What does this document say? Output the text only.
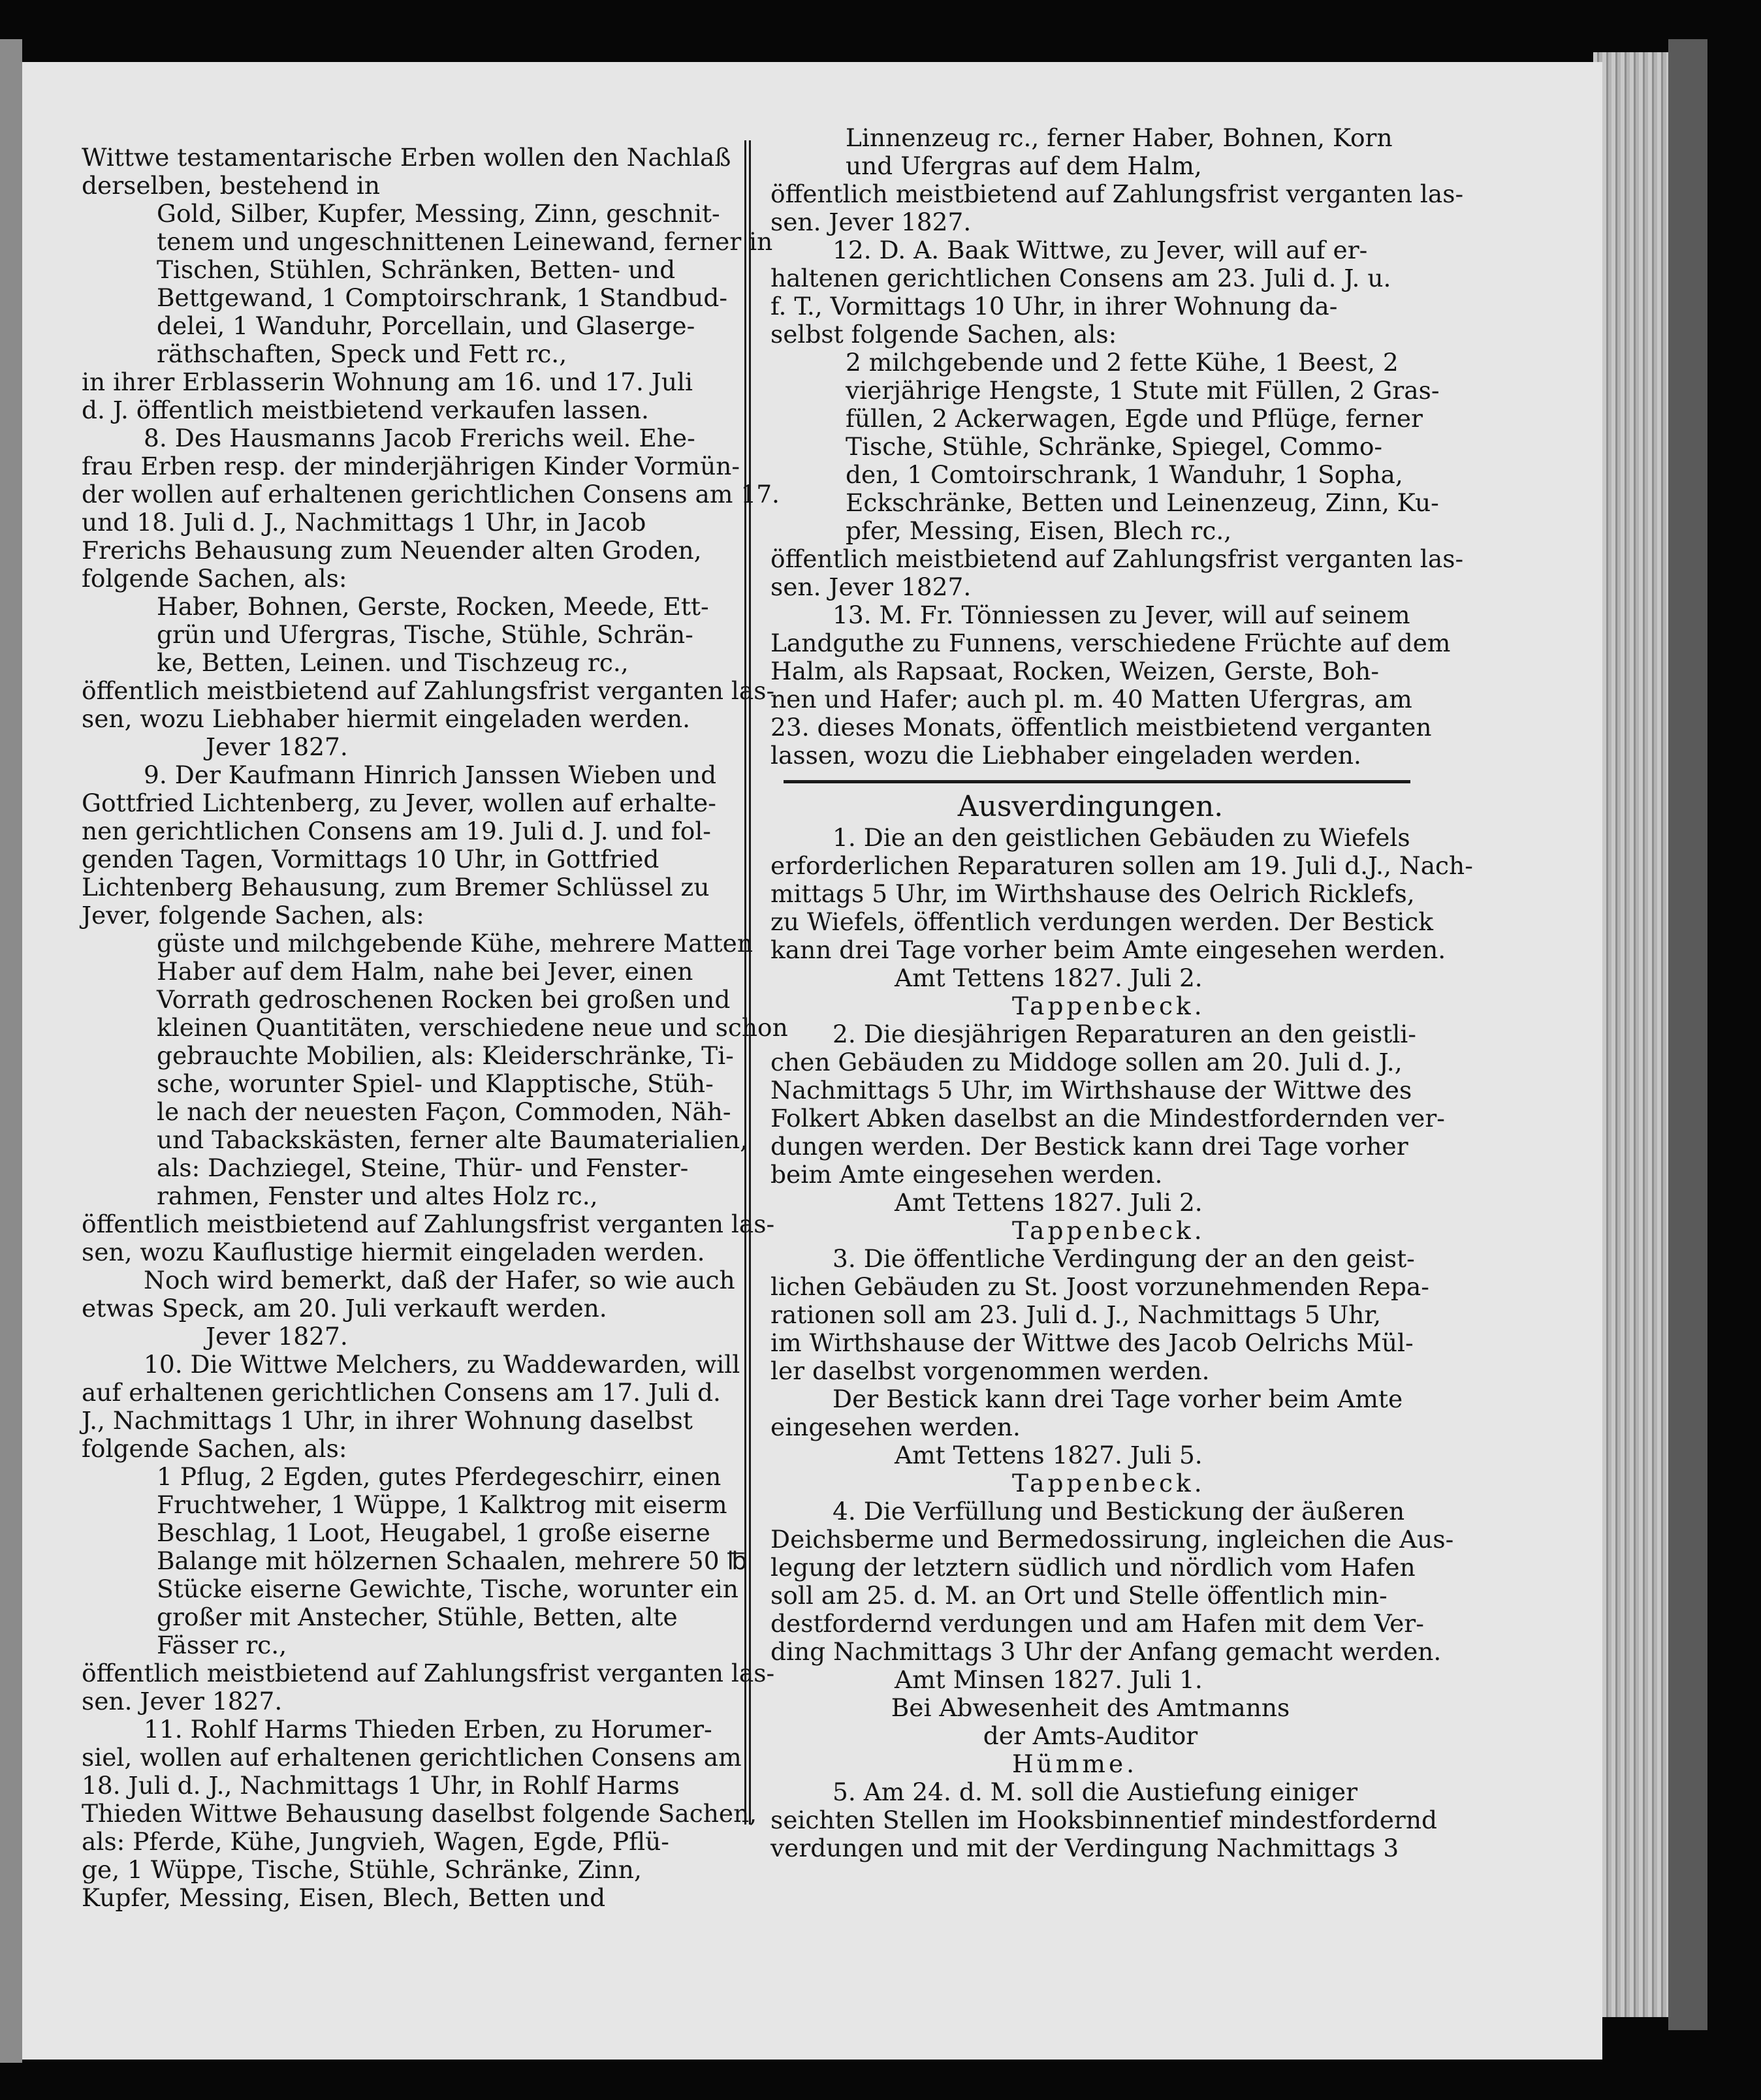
Wittwe testamentarische Erben wollen den Nachlaß
derselben, bestehend in
Gold, Silber, Kupfer, Messing, Zinn, geschnit-
tenem und ungeschnittenen Leinewand, ferner in
Tischen, Stühlen, Schränken, Betten- und
Bettgewand, 1 Comptoirschrank, 1 Standbud-
delei, 1 Wanduhr, Porcellain, und Glaserge-
räthschaften, Speck und Fett rc.,
in ihrer Erblasserin Wohnung am 16. und 17. Juli
d. J. öffentlich meistbietend verkaufen lassen.
8. Des Hausmanns Jacob Frerichs weil. Ehe-
frau Erben resp. der minderjährigen Kinder Vormün-
der wollen auf erhaltenen gerichtlichen Consens am 17.
und 18. Juli d. J., Nachmittags 1 Uhr, in Jacob
Frerichs Behausung zum Neuender alten Groden,
folgende Sachen, als:
Haber, Bohnen, Gerste, Rocken, Meede, Ett-
grün und Ufergras, Tische, Stühle, Schrän-
ke, Betten, Leinen. und Tischzeug rc.,
öffentlich meistbietend auf Zahlungsfrist verganten las-
sen, wozu Liebhaber hiermit eingeladen werden.
Jever 1827.
9. Der Kaufmann Hinrich Janssen Wieben und
Gottfried Lichtenberg, zu Jever, wollen auf erhalte-
nen gerichtlichen Consens am 19. Juli d. J. und fol-
genden Tagen, Vormittags 10 Uhr, in Gottfried
Lichtenberg Behausung, zum Bremer Schlüssel zu
Jever, folgende Sachen, als:
güste und milchgebende Kühe, mehrere Matten
Haber auf dem Halm, nahe bei Jever, einen
Vorrath gedroschenen Rocken bei großen und
kleinen Quantitäten, verschiedene neue und schon
gebrauchte Mobilien, als: Kleiderschränke, Ti-
sche, worunter Spiel- und Klapptische, Stüh-
le nach der neuesten Façon, Commoden, Näh-
und Tabackskästen, ferner alte Baumaterialien,
als: Dachziegel, Steine, Thür- und Fenster-
rahmen, Fenster und altes Holz rc.,
öffentlich meistbietend auf Zahlungsfrist verganten las-
sen, wozu Kauflustige hiermit eingeladen werden.
Noch wird bemerkt, daß der Hafer, so wie auch
etwas Speck, am 20. Juli verkauft werden.
Jever 1827.
10. Die Wittwe Melchers, zu Waddewarden, will
auf erhaltenen gerichtlichen Consens am 17. Juli d.
J., Nachmittags 1 Uhr, in ihrer Wohnung daselbst
folgende Sachen, als:
1 Pflug, 2 Egden, gutes Pferdegeschirr, einen
Fruchtweher, 1 Wüppe, 1 Kalktrog mit eiserm
Beschlag, 1 Loot, Heugabel, 1 große eiserne
Balange mit hölzernen Schaalen, mehrere 50 ℔
Stücke eiserne Gewichte, Tische, worunter ein
großer mit Anstecher, Stühle, Betten, alte
Fässer rc.,
öffentlich meistbietend auf Zahlungsfrist verganten las-
sen. Jever 1827.
11. Rohlf Harms Thieden Erben, zu Horumer-
siel, wollen auf erhaltenen gerichtlichen Consens am
18. Juli d. J., Nachmittags 1 Uhr, in Rohlf Harms
Thieden Wittwe Behausung daselbst folgende Sachen,
als: Pferde, Kühe, Jungvieh, Wagen, Egde, Pflü-
ge, 1 Wüppe, Tische, Stühle, Schränke, Zinn,
Kupfer, Messing, Eisen, Blech, Betten und
Linnenzeug rc., ferner Haber, Bohnen, Korn
und Ufergras auf dem Halm,
öffentlich meistbietend auf Zahlungsfrist verganten las-
sen. Jever 1827.
12. D. A. Baak Wittwe, zu Jever, will auf er-
haltenen gerichtlichen Consens am 23. Juli d. J. u.
f. T., Vormittags 10 Uhr, in ihrer Wohnung da-
selbst folgende Sachen, als:
2 milchgebende und 2 fette Kühe, 1 Beest, 2
vierjährige Hengste, 1 Stute mit Füllen, 2 Gras-
füllen, 2 Ackerwagen, Egde und Pflüge, ferner
Tische, Stühle, Schränke, Spiegel, Commo-
den, 1 Comtoirschrank, 1 Wanduhr, 1 Sopha,
Eckschränke, Betten und Leinenzeug, Zinn, Ku-
pfer, Messing, Eisen, Blech rc.,
öffentlich meistbietend auf Zahlungsfrist verganten las-
sen. Jever 1827.
13. M. Fr. Tönniessen zu Jever, will auf seinem
Landguthe zu Funnens, verschiedene Früchte auf dem
Halm, als Rapsaat, Rocken, Weizen, Gerste, Boh-
nen und Hafer; auch pl. m. 40 Matten Ufergras, am
23. dieses Monats, öffentlich meistbietend verganten
lassen, wozu die Liebhaber eingeladen werden.
Ausverdingungen.
1. Die an den geistlichen Gebäuden zu Wiefels
erforderlichen Reparaturen sollen am 19. Juli d.J., Nach-
mittags 5 Uhr, im Wirthshause des Oelrich Ricklefs,
zu Wiefels, öffentlich verdungen werden. Der Bestick
kann drei Tage vorher beim Amte eingesehen werden.
Amt Tettens 1827. Juli 2.
Tappenbeck.
2. Die diesjährigen Reparaturen an den geistli-
chen Gebäuden zu Middoge sollen am 20. Juli d. J.,
Nachmittags 5 Uhr, im Wirthshause der Wittwe des
Folkert Abken daselbst an die Mindestfordernden ver-
dungen werden. Der Bestick kann drei Tage vorher
beim Amte eingesehen werden.
Amt Tettens 1827. Juli 2.
Tappenbeck.
3. Die öffentliche Verdingung der an den geist-
lichen Gebäuden zu St. Joost vorzunehmenden Repa-
rationen soll am 23. Juli d. J., Nachmittags 5 Uhr,
im Wirthshause der Wittwe des Jacob Oelrichs Mül-
ler daselbst vorgenommen werden.
Der Bestick kann drei Tage vorher beim Amte
eingesehen werden.
Amt Tettens 1827. Juli 5.
Tappenbeck.
4. Die Verfüllung und Bestickung der äußeren
Deichsberme und Bermedossirung, ingleichen die Aus-
legung der letztern südlich und nördlich vom Hafen
soll am 25. d. M. an Ort und Stelle öffentlich min-
destfordernd verdungen und am Hafen mit dem Ver-
ding Nachmittags 3 Uhr der Anfang gemacht werden.
Amt Minsen 1827. Juli 1.
Bei Abwesenheit des Amtmanns
der Amts-Auditor
Hümme.
5. Am 24. d. M. soll die Austiefung einiger
seichten Stellen im Hooksbinnentief mindestfordernd
verdungen und mit der Verdingung Nachmittags 3
